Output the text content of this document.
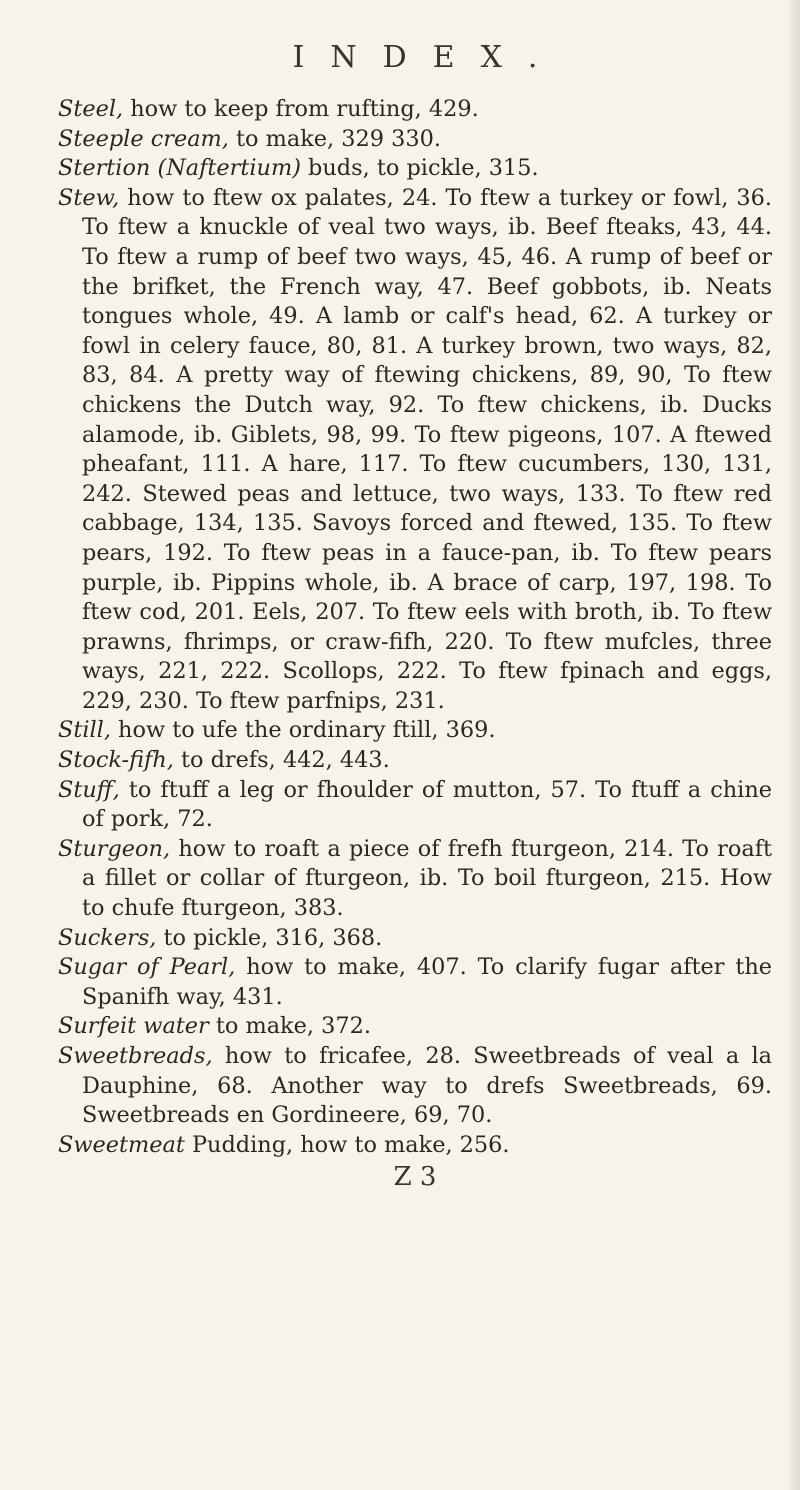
INDEX.

Steel, how to keep from rufting, 429.

Steeple cream, to make, 329 330.

Stertion (Naftertium) buds, to pickle, 315.

Stew, how to ftew ox palates, 24. To ftew a turkey or fowl, 36. To ftew a knuckle of veal two ways, ib. Beef fteaks, 43, 44. To ftew a rump of beef two ways, 45, 46. A rump of beef or the brifket, the French way, 47. Beef gobbots, ib. Neats tongues whole, 49. A lamb or calf's head, 62. A turkey or fowl in celery fauce, 80, 81. A turkey brown, two ways, 82, 83, 84. A pretty way of ftewing chickens, 89, 90, To ftew chickens the Dutch way, 92. To ftew chickens, ib. Ducks alamode, ib. Giblets, 98, 99. To ftew pigeons, 107. A ftewed pheafant, 111. A hare, 117. To ftew cucumbers, 130, 131, 242. Stewed peas and lettuce, two ways, 133. To ftew red cabbage, 134, 135. Savoys forced and ftewed, 135. To ftew pears, 192. To ftew peas in a fauce-pan, ib. To ftew pears purple, ib. Pippins whole, ib. A brace of carp, 197, 198. To ftew cod, 201. Eels, 207. To ftew eels with broth, ib. To ftew prawns, fhrimps, or craw-fifh, 220. To ftew mufcles, three ways, 221, 222. Scollops, 222. To ftew fpinach and eggs, 229, 230. To ftew parfnips, 231.

Still, how to ufe the ordinary ftill, 369.

Stock-fifh, to drefs, 442, 443.

Stuff, to ftuff a leg or fhoulder of mutton, 57. To ftuff a chine of pork, 72.

Sturgeon, how to roaft a piece of frefh fturgeon, 214. To roaft a fillet or collar of fturgeon, ib. To boil fturgeon, 215. How to chufe fturgeon, 383.

Suckers, to pickle, 316, 368.

Sugar of Pearl, how to make, 407. To clarify fugar after the Spanifh way, 431.

Surfeit water to make, 372.

Sweetbreads, how to fricafee, 28. Sweetbreads of veal a la Dauphine, 68. Another way to drefs Sweetbreads, 69. Sweetbreads en Gordineere, 69, 70.

Sweetmeat Pudding, how to make, 256.

Z 3
